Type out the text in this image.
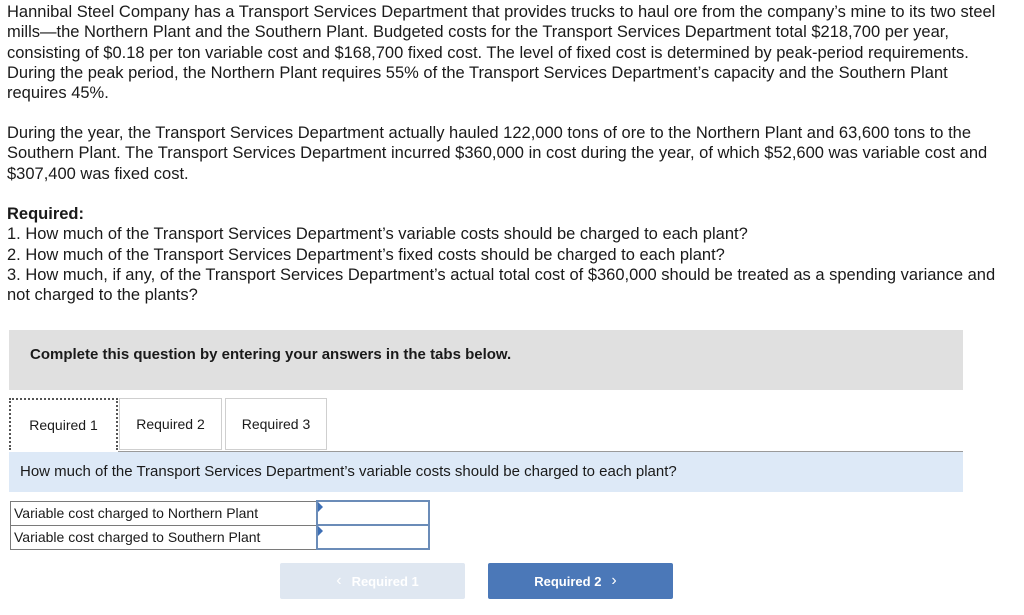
Hannibal Steel Company has a Transport Services Department that provides trucks to haul ore from the company’s mine to its two steel mills—the Northern Plant and the Southern Plant. Budgeted costs for the Transport Services Department total $218,700 per year, consisting of $0.18 per ton variable cost and $168,700 fixed cost. The level of fixed cost is determined by peak-period requirements. During the peak period, the Northern Plant requires 55% of the Transport Services Department’s capacity and the Southern Plant requires 45%.

During the year, the Transport Services Department actually hauled 122,000 tons of ore to the Northern Plant and 63,600 tons to the Southern Plant. The Transport Services Department incurred $360,000 in cost during the year, of which $52,600 was variable cost and $307,400 was fixed cost.
Required:
1. How much of the Transport Services Department’s variable costs should be charged to each plant?
2. How much of the Transport Services Department’s fixed costs should be charged to each plant?
3. How much, if any, of the Transport Services Department’s actual total cost of $360,000 should be treated as a spending variance and not charged to the plants?
Complete this question by entering your answers in the tabs below.
Required 1	Required 2	Required 3
How much of the Transport Services Department’s variable costs should be charged to each plant?
Variable cost charged to Northern Plant	

Variable cost charged to Southern Plant	
‹ Required 1	Required 2 ›
